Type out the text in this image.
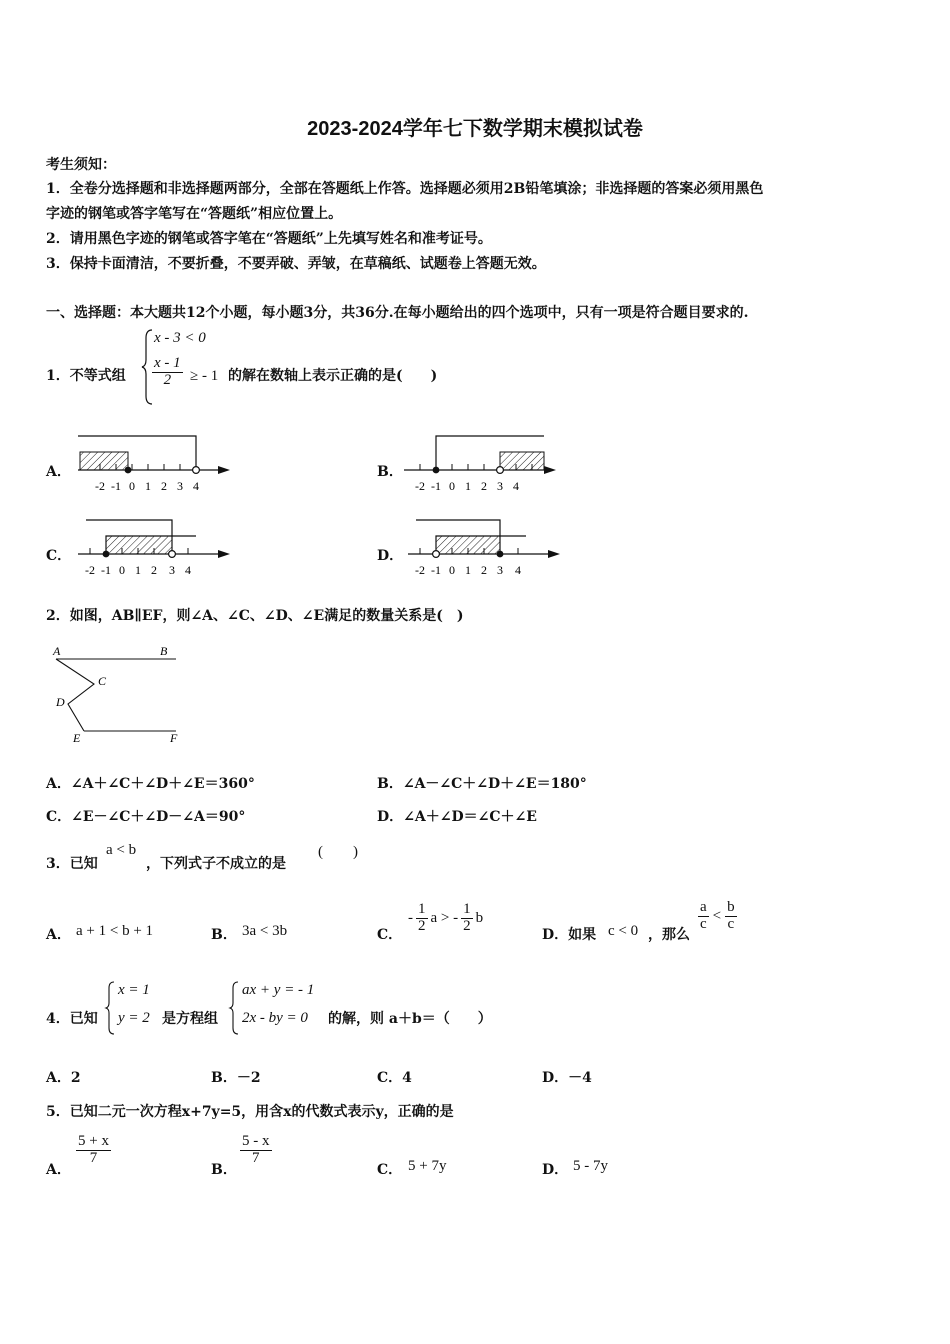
2023-2024学年七下数学期末模拟试卷
考生须知：
1．全卷分选择题和非选择题两部分，全部在答题纸上作答。选择题必须用2B铅笔填涂；非选择题的答案必须用黑色
字迹的钢笔或答字笔写在“答题纸”相应位置上。
2．请用黑色字迹的钢笔或答字笔在“答题纸”上先填写姓名和准考证号。
3．保持卡面清洁，不要折叠，不要弄破、弄皱，在草稿纸、试题卷上答题无效。
一、选择题：本大题共12个小题，每小题3分，共36分.在每小题给出的四个选项中，只有一项是符合题目要求的.
1．不等式组
x - 3 < 0
$\frac{x - 1}{2}$ ≥ - 1 的解在数轴上表示正确的是(　　)
A．	B．
C．	D．
-2 -1 0 1 2 3 4	-2 -1 0 1 2 3 4
-2 -1 0 1 2 3 4	-2 -1 0 1 2 3 4
2．如图，AB∥EF，则∠A、∠C、∠D、∠E满足的数量关系是(　)
A	B
C
D
E	F
A．∠A＋∠C＋∠D＋∠E＝360°	B．∠A－∠C＋∠D＋∠E＝180°
C．∠E－∠C＋∠D－∠A＝90°	D．∠A＋∠D＝∠C＋∠E
3．已知
a < b
，下列式子不成立的是
(　　)
A． a + 1 < b + 1	B． 3a < 3b	C．
- $\frac{1}{2}$ a > - $\frac{1}{2}$ b
D．如果 c < 0 ，那么
$\frac{a}{c} < \frac{b}{c}$
4．已知
x = 1
y = 2 是方程组
ax + y = - 1
2x - by = 0 的解，则 a＋b＝（　　）
A．2	B．－2	C．4	D．－4
5．已知二元一次方程x+7y=5，用含x的代数式表示y，正确的是
A．
$\frac{5 + x}{7}$
B．
$\frac{5 - x}{7}$
C． 5 + 7y	D． 5 - 7y
